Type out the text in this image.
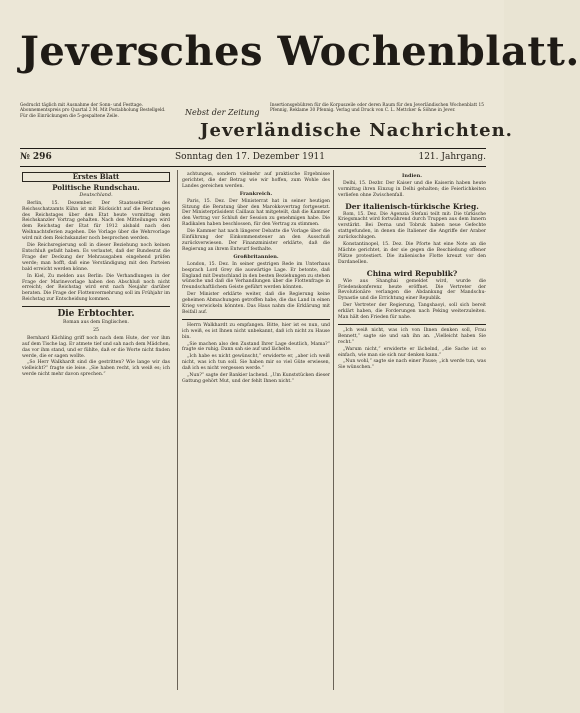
Jeversches Wochenblatt.
Gedruckt täglich mit Ausnahme der Sonn- und Festtage. Abonnementspreis pro Quartal 2 M. Mit Postabholung Bestellgeld. Für die Einrückungen die 5-gespaltene Zeile.	Nebst der Zeitung
Insertionsgebühren für die Korpuszeile oder deren Raum für den Jeverländischen Wochenblatt 15 Pfennig, Reklame 30 Pfennig. Verlag und Druck von C. L. Mettcker & Söhne in Jever.
Jeverländische Nachrichten.
№ 296	Sonntag den 17. Dezember 1911	121. Jahrgang.
Erstes Blatt
Politische Rundschau.
Deutschland.

Berlin, 15. Dezember. Der Staatssekretär des Reichsschatzamts Kühn ist mit Rücksicht auf die Beratungen des Reichstages über den Etat heute vormittag dem Reichskanzler Vortrag gehalten. Nach den Mitteilungen wird dem Reichstag der Etat für 1912 alsbald nach den Weihnachtsferien zugehen. Die Vorlage über die Wehrvorlage wird mit dem Reichskanzler noch besprochen werden.

Die Reichsregierung soll in dieser Beziehung noch keinen Entschluß gefaßt haben. Es verlautet, daß der Bundesrat die Frage der Deckung der Mehrausgaben eingehend prüfen werde; man hofft, daß eine Verständigung mit den Parteien bald erreicht werden könne.

In Kiel, Zu melden aus Berlin: Die Verhandlungen in der Frage der Marinevorlage haben den Abschluß noch nicht erreicht; der Reichstag wird erst nach Neujahr darüber beraten. Die Frage der Flottenvermehrung soll im Frühjahr im Reichstag zur Entscheidung kommen.

Die Erbtochter.
Roman aus dem Englischen.
25

Bernhard Kächling griff noch nach dem Hute, der vor ihm auf dem Tische lag. Er atmete tief und sah nach dem Mädchen, das vor ihm stand, und er fühlte, daß er die Worte nicht finden werde, die er sagen wollte.

„So Herr Walkhardt sind die gestritten? Wie lange wir das vielleicht?“ fragte sie leise. „Sie haben recht, ich weiß es; ich werde nicht mehr davon sprechen.“

achtungen, sondern vielmehr auf praktische Ergebnisse gerichtet, die der Betrag wie wir hoffen, zum Wohle des Landes gereichen werden.

Frankreich.

Paris, 15. Dez. Der Ministerrat hat in seiner heutigen Sitzung die Beratung über den Marokkovertrag fortgesetzt. Der Ministerpräsident Caillaux hat mitgeteilt, daß die Kammer den Vertrag vor Schluß der Session zu genehmigen habe. Die Radikalen haben beschlossen, für den Vertrag zu stimmen.

Die Kammer hat nach längerer Debatte die Vorlage über die Einführung der Einkommensteuer an den Ausschuß zurückverwiesen. Der Finanzminister erklärte, daß die Regierung an ihrem Entwurf festhalte.

Großbritannien.

London, 15. Dez. In seiner gestrigen Rede im Unterhaus besprach Lord Grey die auswärtige Lage. Er betonte, daß England mit Deutschland in den besten Beziehungen zu stehen wünsche und daß die Verhandlungen über die Flottenfrage in freundschaftlichem Geiste geführt werden könnten.

Der Minister erklärte weiter, daß die Regierung keine geheimen Abmachungen getroffen habe, die das Land in einen Krieg verwickeln könnten. Das Haus nahm die Erklärung mit Beifall auf.

Herrn Walkhardt zu empfangen. Bitte, hier ist es nun, und ich weiß, es ist Ihnen nicht unbekannt, daß ich nicht zu Hause bin.

„Sie machen also den Zustand Ihrer Lage deutlich, Mama?“ fragte sie ruhig. Dann sah sie auf und lächelte.

„Ich habe es nicht gewünscht,“ erwiderte er, „aber ich weiß nicht, was ich tun soll. Sie haben mir so viel Güte erwiesen, daß ich es nicht vergessen werde.“

„Nun?“ sagte der Bankier lachend. „Um Kunststücken dieser Gattung gehört Mut, und der fehlt Ihnen nicht.“

Indien.

Delhi, 15. Dezbr. Der Kaiser und die Kaiserin haben heute vormittag ihren Einzug in Delhi gehalten; die Feierlichkeiten verliefen ohne Zwischenfall.

Der italienisch-türkische Krieg.

Rom, 15. Dez. Die Agenzia Stefani teilt mit: Die türkische Kriegsmacht wird fortwährend durch Truppen aus dem Innern verstärkt. Bei Derna und Tobruk haben neue Gefechte stattgefunden, in denen die Italiener die Angriffe der Araber zurückschlugen.

Konstantinopel, 15. Dez. Die Pforte hat eine Note an die Mächte gerichtet, in der sie gegen die Beschießung offener Plätze protestiert. Die italienische Flotte kreuzt vor den Dardanellen.

China wird Republik?

Wie aus Shanghai gemeldet wird, wurde die Friedenskonferenz heute eröffnet. Die Vertreter der Revolutionäre verlangen die Abdankung der Mandschu-Dynastie und die Errichtung einer Republik.

Der Vertreter der Regierung, Tangshaoyi, soll sich bereit erklärt haben, die Forderungen nach Peking weiterzuleiten. Man hält den Frieden für nahe.

„Ich weiß nicht, was ich von Ihnen denken soll, Frau Bennett,“ sagte sie und sah ihn an. „Vielleicht haben Sie recht.“

„Warum nicht,“ erwiderte er lächelnd, „die Sache ist so einfach, wie man sie sich nur denken kann.“

„Nun wohl,“ sagte sie nach einer Pause; „ich werde tun, was Sie wünschen.“
